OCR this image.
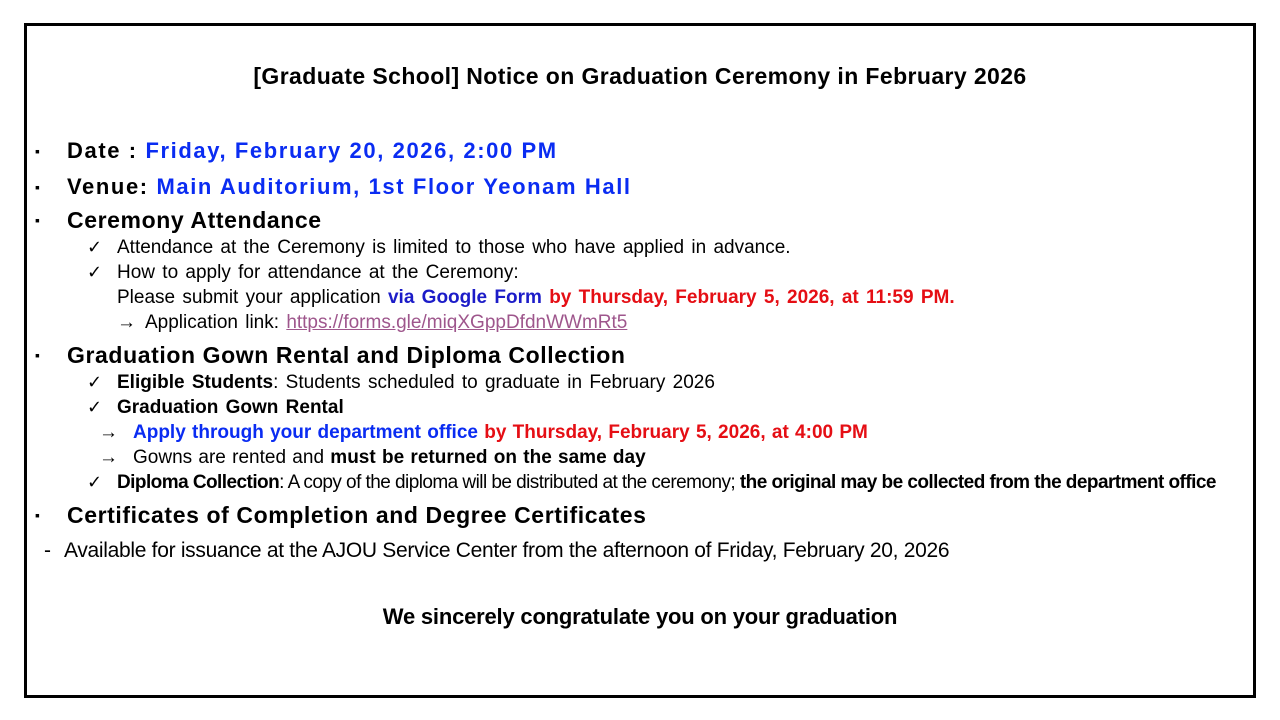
[Graduate School] Notice on Graduation Ceremony in February 2026
▪	Date : Friday, February 20, 2026, 2:00 PM
▪	Venue: Main Auditorium, 1st Floor Yeonam Hall
▪	Ceremony Attendance
✓ Attendance at the Ceremony is limited to those who have applied in advance.
✓ How to apply for attendance at the Ceremony:
Please submit your application via Google Form by Thursday, February 5, 2026, at 11:59 PM.
→ Application link: https://forms.gle/miqXGppDfdnWWmRt5
▪	Graduation Gown Rental and Diploma Collection
✓ Eligible Students: Students scheduled to graduate in February 2026
✓ Graduation Gown Rental
→ Apply through your department office by Thursday, February 5, 2026, at 4:00 PM
→ Gowns are rented and must be returned on the same day
✓ Diploma Collection: A copy of the diploma will be distributed at the ceremony; the original may be collected from the department office
▪	Certificates of Completion and Degree Certificates
- Available for issuance at the AJOU Service Center from the afternoon of Friday, February 20, 2026
We sincerely congratulate you on your graduation
